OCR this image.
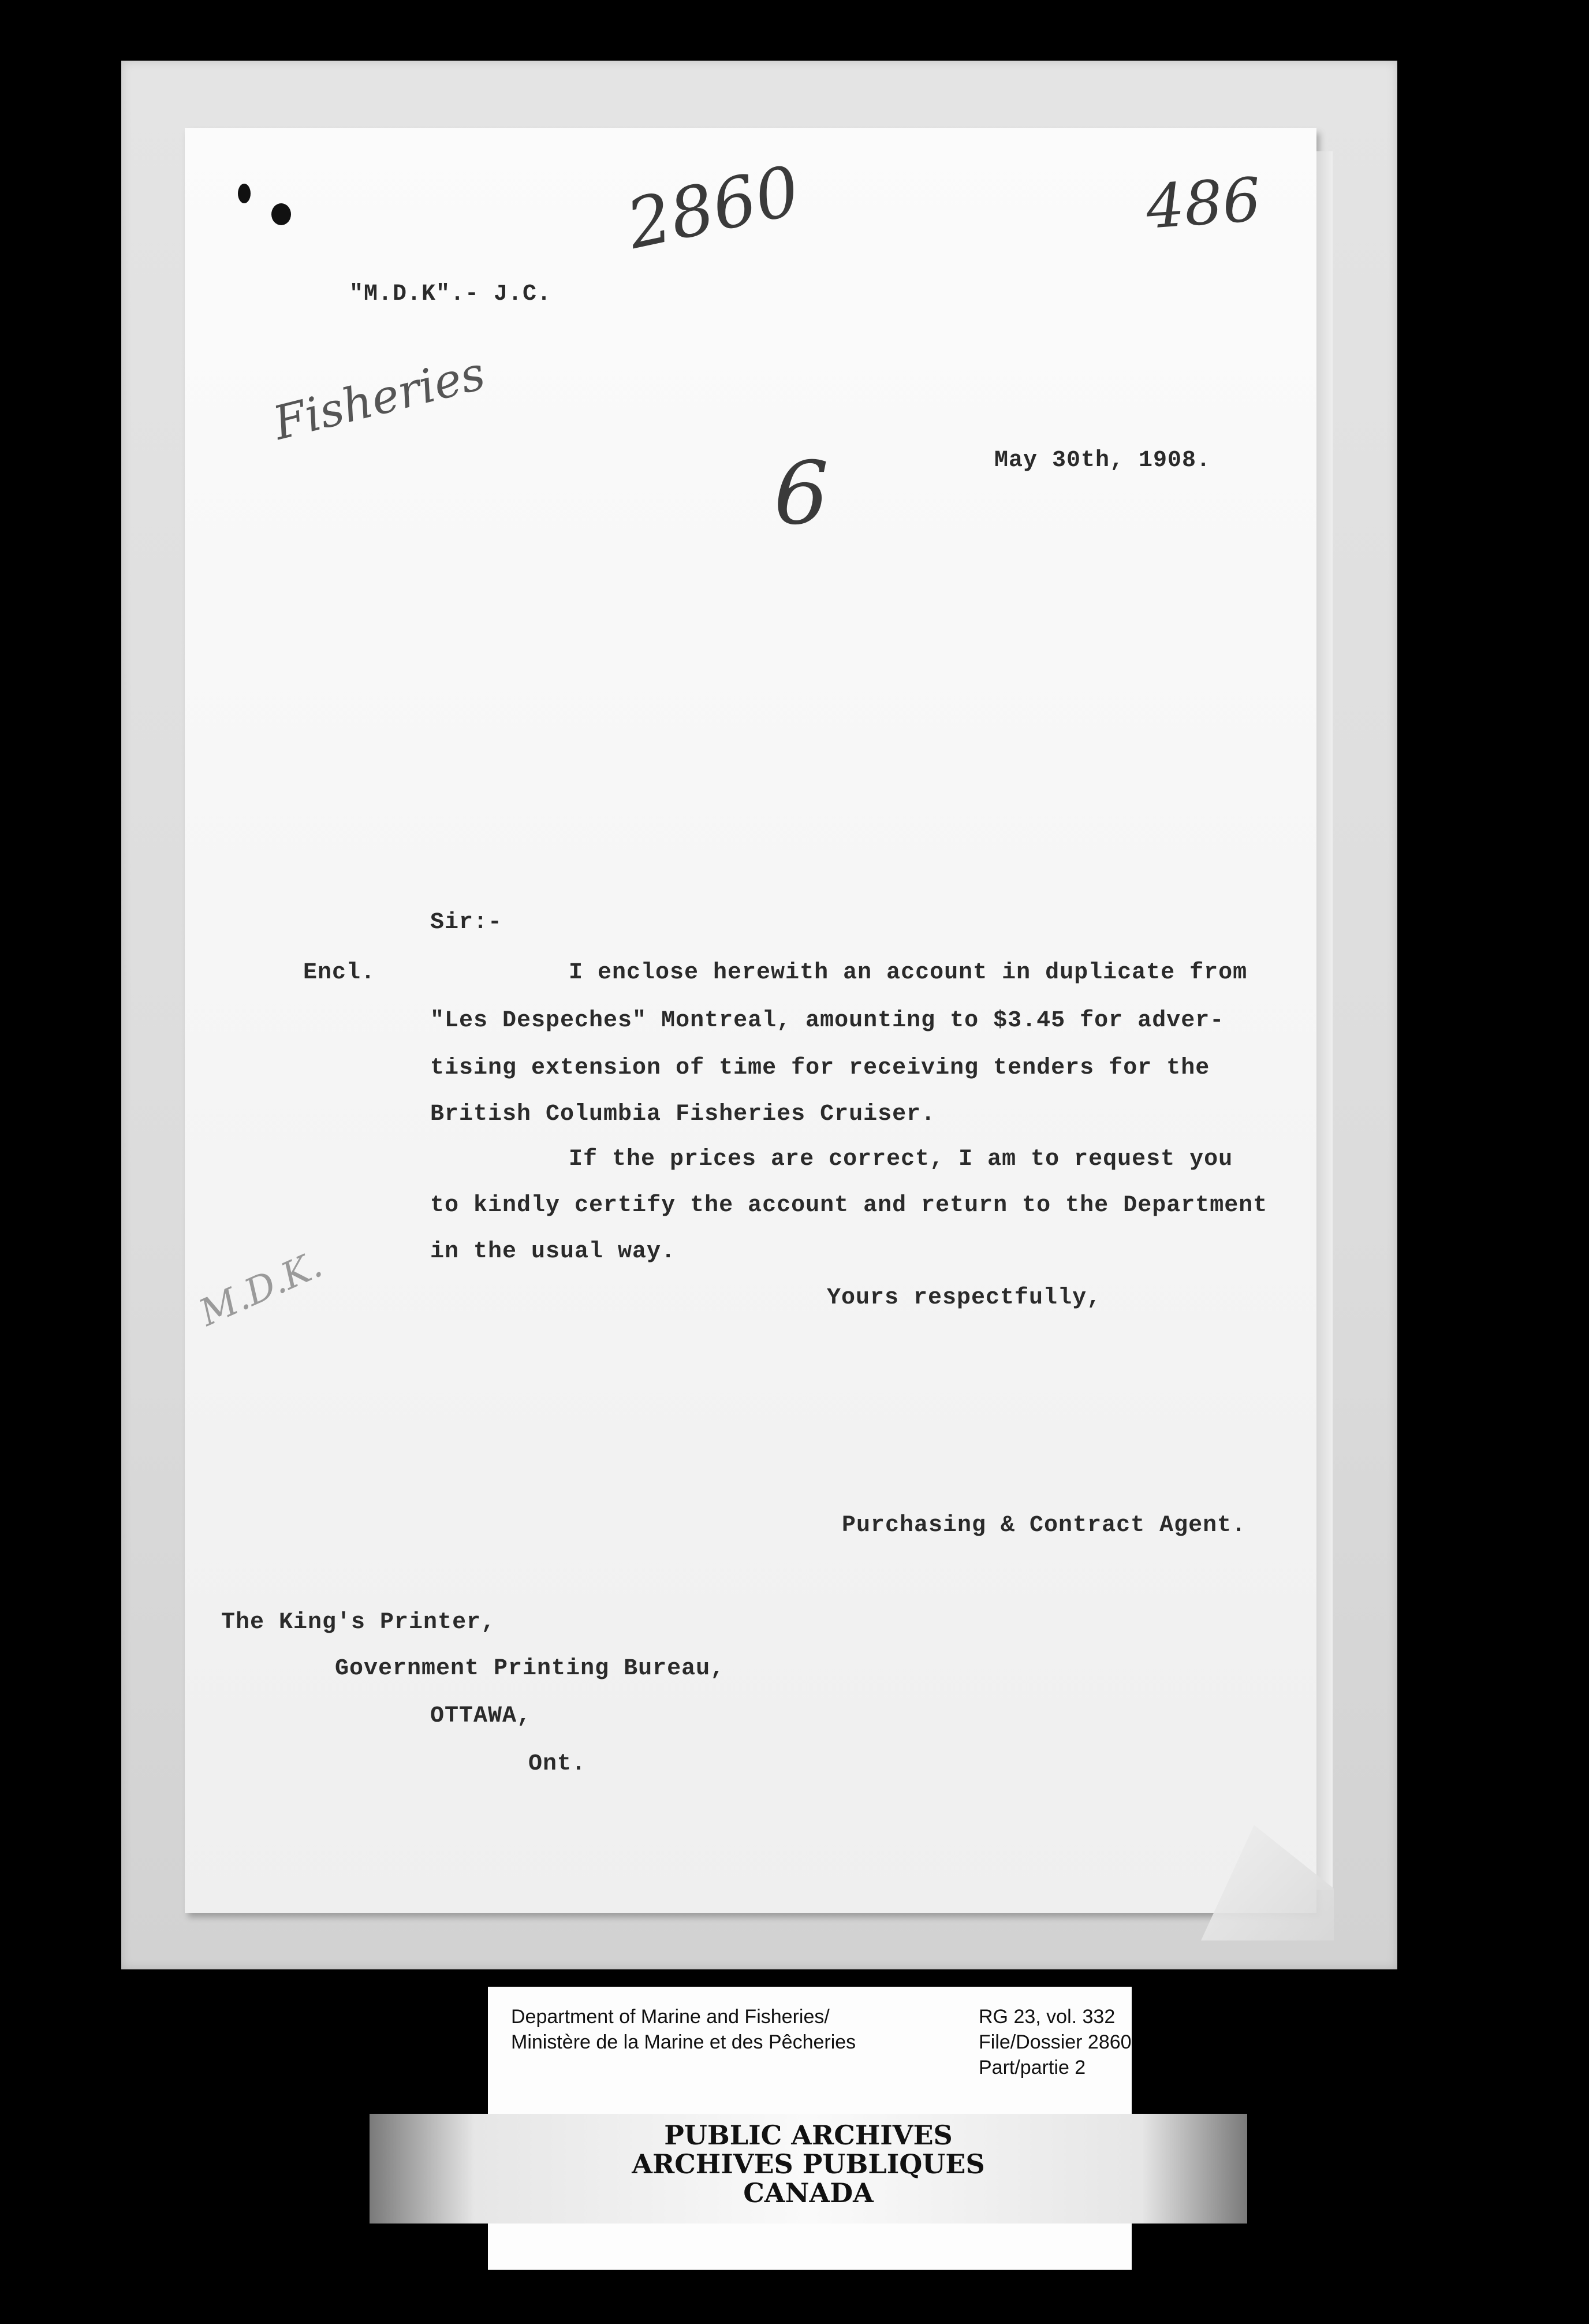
2860	486
Fisheries
6
M.D.K.
"M.D.K".- J.C.
May 30th, 1908.
Sir:-
Encl.	I enclose herewith an account in duplicate from
"Les Despeches" Montreal, amounting to $3.45 for adver-
tising extension of time for receiving tenders for the
British Columbia Fisheries Cruiser.
If the prices are correct, I am to request you
to kindly certify the account and return to the Department
in the usual way.
Yours respectfully,
Purchasing & Contract Agent.
The King's Printer,
Government Printing Bureau,
OTTAWA,
Ont.
Department of Marine and Fisheries/
Ministère de la Marine et des Pêcheries
RG 23, vol. 332
File/Dossier 2860
Part/partie 2
PUBLIC ARCHIVES
ARCHIVES PUBLIQUES
CANADA
